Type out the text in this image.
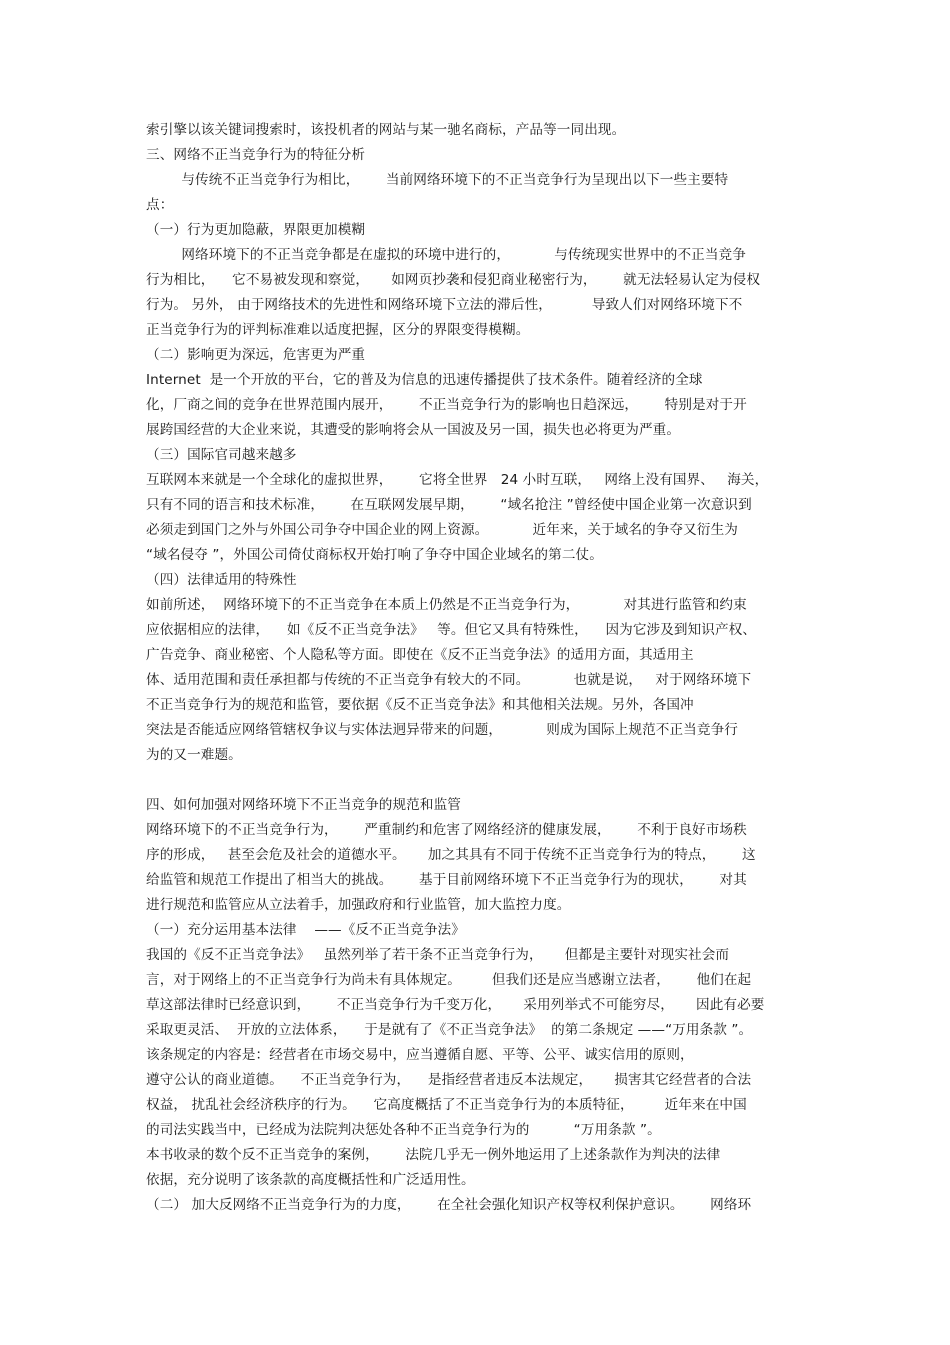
索引擎以该关键词搜索时，该投机者的网站与某一驰名商标，产品等一同出现。
三、网络不正当竞争行为的特征分析
与传统不正当竞争行为相比，      当前网络环境下的不正当竞争行为呈现出以下一些主要特
点：
（一）行为更加隐蔽，界限更加模糊
网络环境下的不正当竞争都是在虚拟的环境中进行的，          与传统现实世界中的不正当竞争
行为相比，    它不易被发现和察觉，     如网页抄袭和侵犯商业秘密行为，      就无法轻易认定为侵权
行为。 另外， 由于网络技术的先进性和网络环境下立法的滞后性，         导致人们对网络环境下不
正当竞争行为的评判标准难以适度把握，区分的界限变得模糊。
（二）影响更为深远，危害更为严重
Internet  是一个开放的平台，它的普及为信息的迅速传播提供了技术条件。随着经济的全球
化，厂商之间的竞争在世界范围内展开，      不正当竞争行为的影响也日趋深远，      特别是对于开
展跨国经营的大企业来说，其遭受的影响将会从一国波及另一国，损失也必将更为严重。
（三）国际官司越来越多
互联网本来就是一个全球化的虚拟世界，      它将全世界   24 小时互联，   网络上没有国界、   海关，
只有不同的语言和技术标准，      在互联网发展早期，      “域名抢注 ”曾经使中国企业第一次意识到
必须走到国门之外与外国公司争夺中国企业的网上资源。          近年来，关于域名的争夺又衍生为
“域名侵夺 ”，外国公司倚仗商标权开始打响了争夺中国企业域名的第二仗。
（四）法律适用的特殊性
如前所述，  网络环境下的不正当竞争在本质上仍然是不正当竞争行为，          对其进行监管和约束
应依据相应的法律，    如《反不正当竞争法》   等。但它又具有特殊性，    因为它涉及到知识产权、
广告竞争、商业秘密、个人隐私等方面。即使在《反不正当竞争法》的适用方面，其适用主
体、适用范围和责任承担都与传统的不正当竞争有较大的不同。          也就是说，   对于网络环境下
不正当竞争行为的规范和监管，要依据《反不正当竞争法》和其他相关法规。另外，各国冲
突法是否能适应网络管辖权争议与实体法迥异带来的问题，          则成为国际上规范不正当竞争行
为的又一难题。
四、如何加强对网络环境下不正当竞争的规范和监管
网络环境下的不正当竞争行为，      严重制约和危害了网络经济的健康发展，      不利于良好市场秩
序的形成，   甚至会危及社会的道德水平。     加之其具有不同于传统不正当竞争行为的特点，      这
给监管和规范工作提出了相当大的挑战。      基于目前网络环境下不正当竞争行为的现状，      对其
进行规范和监管应从立法着手，加强政府和行业监管，加大监控力度。
（一）充分运用基本法律    ——《反不正当竞争法》
我国的《反不正当竞争法》   虽然列举了若干条不正当竞争行为，     但都是主要针对现实社会而
言，对于网络上的不正当竞争行为尚未有具体规定。       但我们还是应当感谢立法者，      他们在起
草这部法律时已经意识到，      不正当竞争行为千变万化，     采用列举式不可能穷尽，     因此有必要
采取更灵活、  开放的立法体系，    于是就有了《不正当竞争法》  的第二条规定 ——“万用条款 ”。
该条规定的内容是：经营者在市场交易中，应当遵循自愿、平等、公平、诚实信用的原则，
遵守公认的商业道德。    不正当竞争行为，    是指经营者违反本法规定，     损害其它经营者的合法
权益， 扰乱社会经济秩序的行为。    它高度概括了不正当竞争行为的本质特征，       近年来在中国
的司法实践当中，已经成为法院判决惩处各种不正当竞争行为的          “万用条款 ”。
本书收录的数个反不正当竞争的案例，      法院几乎无一例外地运用了上述条款作为判决的法律
依据，充分说明了该条款的高度概括性和广泛适用性。
（二） 加大反网络不正当竞争行为的力度，      在全社会强化知识产权等权利保护意识。      网络环
